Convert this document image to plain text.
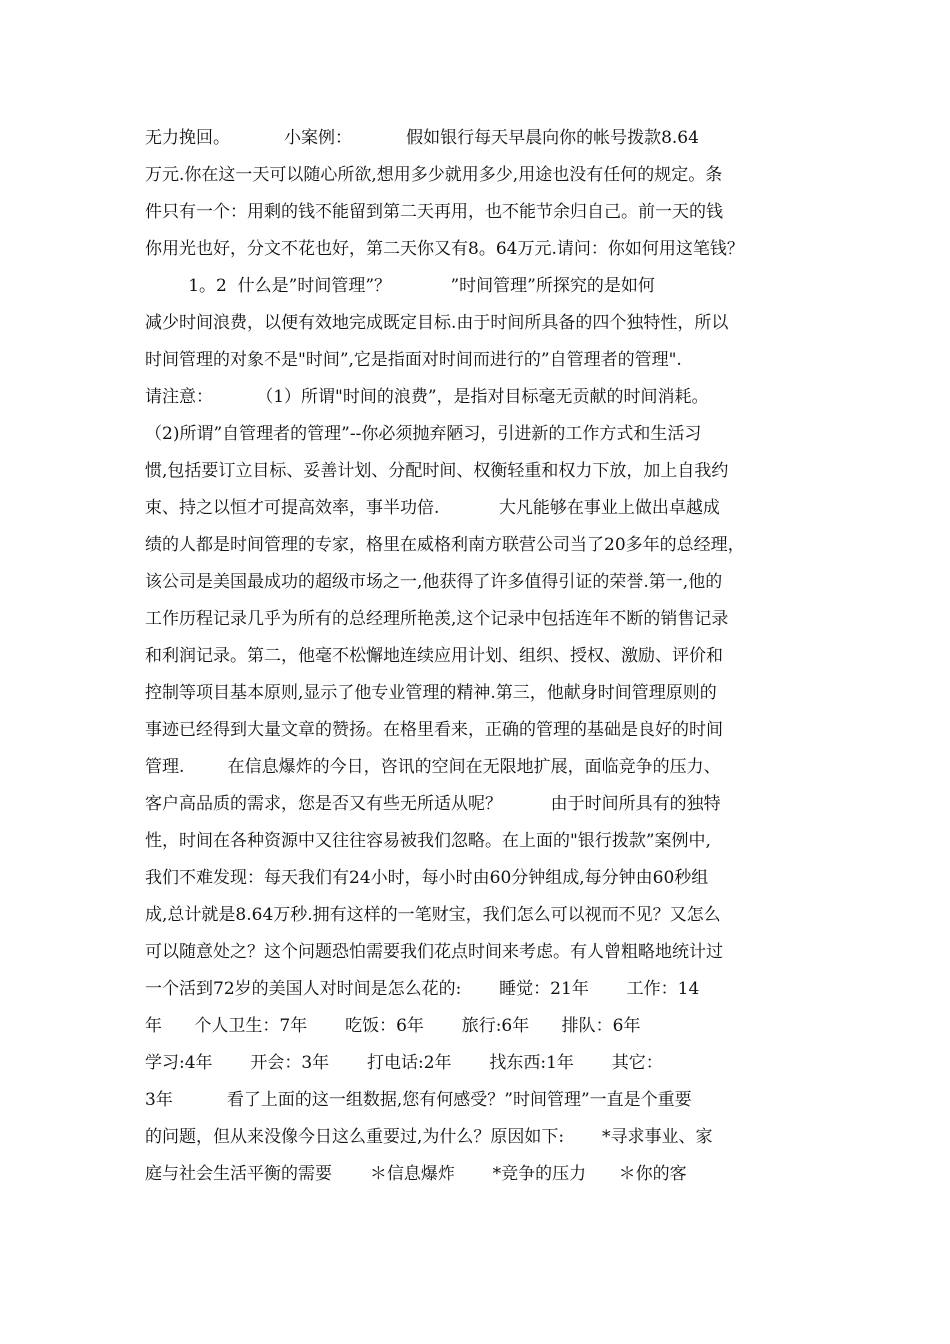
无力挽回。          小案例：          假如银行每天早晨向你的帐号拨款8.64
万元.你在这一天可以随心所欲,想用多少就用多少,用途也没有任何的规定。条
件只有一个：用剩的钱不能留到第二天再用，也不能节余归自己。前一天的钱
你用光也好，分文不花也好，第二天你又有8。64万元.请问：你如何用这笔钱？
1。2  什么是”时间管理”？           ”时间管理”所探究的是如何
减少时间浪费，以便有效地完成既定目标.由于时间所具备的四个独特性，所以
时间管理的对象不是"时间”,它是指面对时间而进行的”自管理者的管理".
请注意：        （1）所谓"时间的浪费”，是指对目标毫无贡献的时间消耗。
（2)所谓”自管理者的管理”--你必须抛弃陋习，引进新的工作方式和生活习
惯,包括要订立目标、妥善计划、分配时间、权衡轻重和权力下放，加上自我约
束、持之以恒才可提高效率，事半功倍.           大凡能够在事业上做出卓越成
绩的人都是时间管理的专家，格里在威格利南方联营公司当了20多年的总经理，
该公司是美国最成功的超级市场之一,他获得了许多值得引证的荣誉.第一,他的
工作历程记录几乎为所有的总经理所艳羡,这个记录中包括连年不断的销售记录
和利润记录。第二，他毫不松懈地连续应用计划、组织、授权、激励、评价和
控制等项目基本原则,显示了他专业管理的精神.第三，他献身时间管理原则的
事迹已经得到大量文章的赞扬。在格里看来，正确的管理的基础是良好的时间
管理.        在信息爆炸的今日，咨讯的空间在无限地扩展，面临竞争的压力、
客户高品质的需求，您是否又有些无所适从呢？         由于时间所具有的独特
性，时间在各种资源中又往往容易被我们忽略。在上面的"银行拨款”案例中,
我们不难发现：每天我们有24小时，每小时由60分钟组成,每分钟由60秒组
成,总计就是8.64万秒.拥有这样的一笔财宝，我们怎么可以视而不见？又怎么
可以随意处之？这个问题恐怕需要我们花点时间来考虑。有人曾粗略地统计过
一个活到72岁的美国人对时间是怎么花的:       睡觉：21年       工作：14
年      个人卫生：7年       吃饭：6年       旅行:6年      排队：6年
学习:4年       开会：3年       打电话:2年       找东西:1年       其它：
3年          看了上面的这一组数据,您有何感受？”时间管理”一直是个重要
的问题，但从来没像今日这么重要过,为什么？原因如下:       *寻求事业、家
庭与社会生活平衡的需要       ＊信息爆炸       *竞争的压力      ＊你的客
